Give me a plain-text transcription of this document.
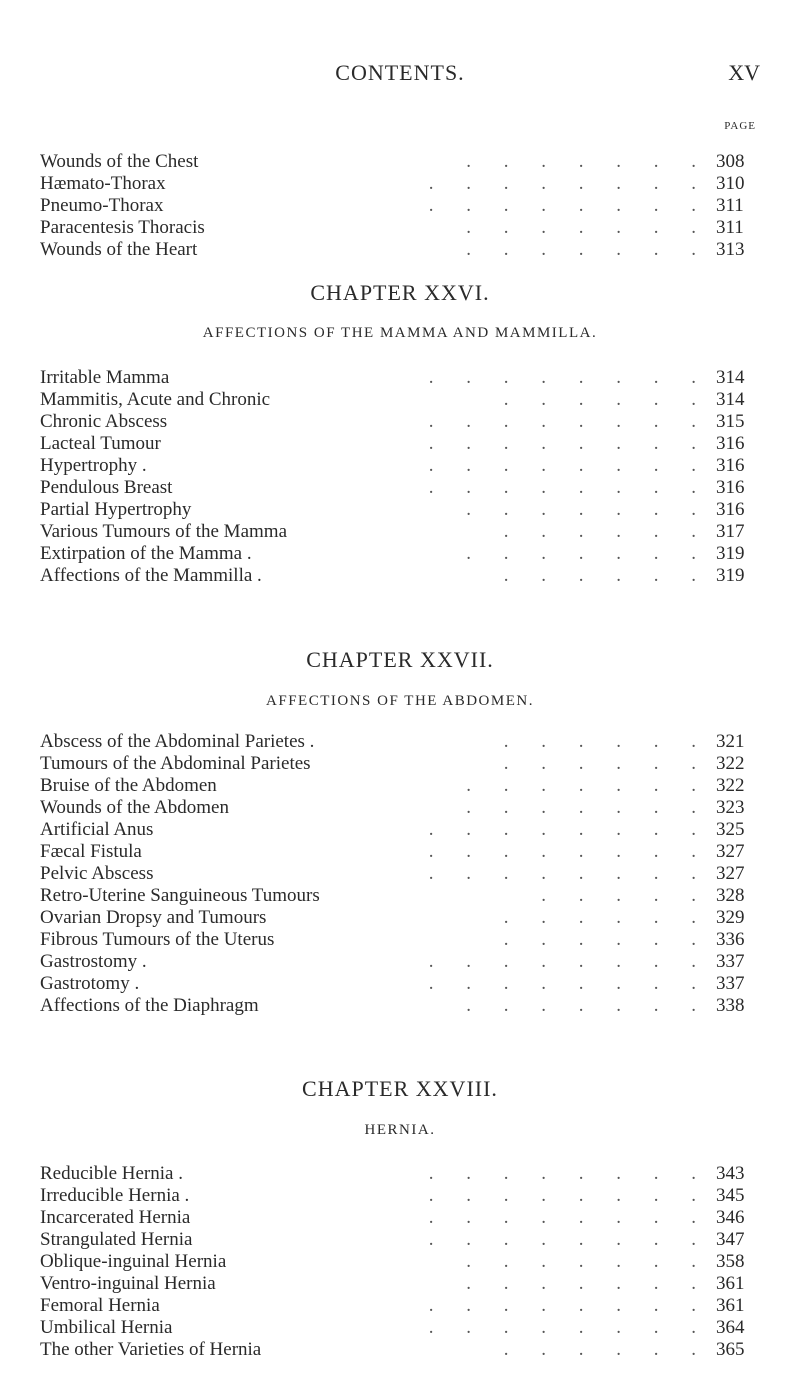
CONTENTS.	XV
PAGE
. . . . . . .
Wounds of the Chest	308
. . . . . . . .
Hæmato-Thorax	310
. . . . . . . .
Pneumo-Thorax	311
. . . . . . .
Paracentesis Thoracis	311
. . . . . . .
Wounds of the Heart	313
CHAPTER XXVI.
AFFECTIONS OF THE MAMMA AND MAMMILLA.
. . . . . . . .
Irritable Mamma	314
. . . . . .
Mammitis, Acute and Chronic	314
. . . . . . . .
Chronic Abscess	315
. . . . . . . .
Lacteal Tumour	316
. . . . . . . .
Hypertrophy .	316
. . . . . . . .
Pendulous Breast	316
. . . . . . .
Partial Hypertrophy	316
. . . . . .
Various Tumours of the Mamma	317
. . . . . . .
Extirpation of the Mamma .	319
. . . . . .
Affections of the Mammilla .	319
CHAPTER XXVII.
AFFECTIONS OF THE ABDOMEN.
. . . . . .
Abscess of the Abdominal Parietes .	321
. . . . . .
Tumours of the Abdominal Parietes	322
. . . . . . .
Bruise of the Abdomen	322
. . . . . . .
Wounds of the Abdomen	323
. . . . . . . .
Artificial Anus	325
. . . . . . . .
Fæcal Fistula	327
. . . . . . . .
Pelvic Abscess	327
. . . . .
Retro-Uterine Sanguineous Tumours	328
. . . . . .
Ovarian Dropsy and Tumours	329
. . . . . .
Fibrous Tumours of the Uterus	336
. . . . . . . .
Gastrostomy .	337
. . . . . . . .
Gastrotomy .	337
. . . . . . .
Affections of the Diaphragm	338
CHAPTER XXVIII.
HERNIA.
. . . . . . . .
Reducible Hernia .	343
. . . . . . . .
Irreducible Hernia .	345
. . . . . . . .
Incarcerated Hernia	346
. . . . . . . .
Strangulated Hernia	347
. . . . . . .
Oblique-inguinal Hernia	358
. . . . . . .
Ventro-inguinal Hernia	361
. . . . . . . .
Femoral Hernia	361
. . . . . . . .
Umbilical Hernia	364
. . . . . .
The other Varieties of Hernia	365
